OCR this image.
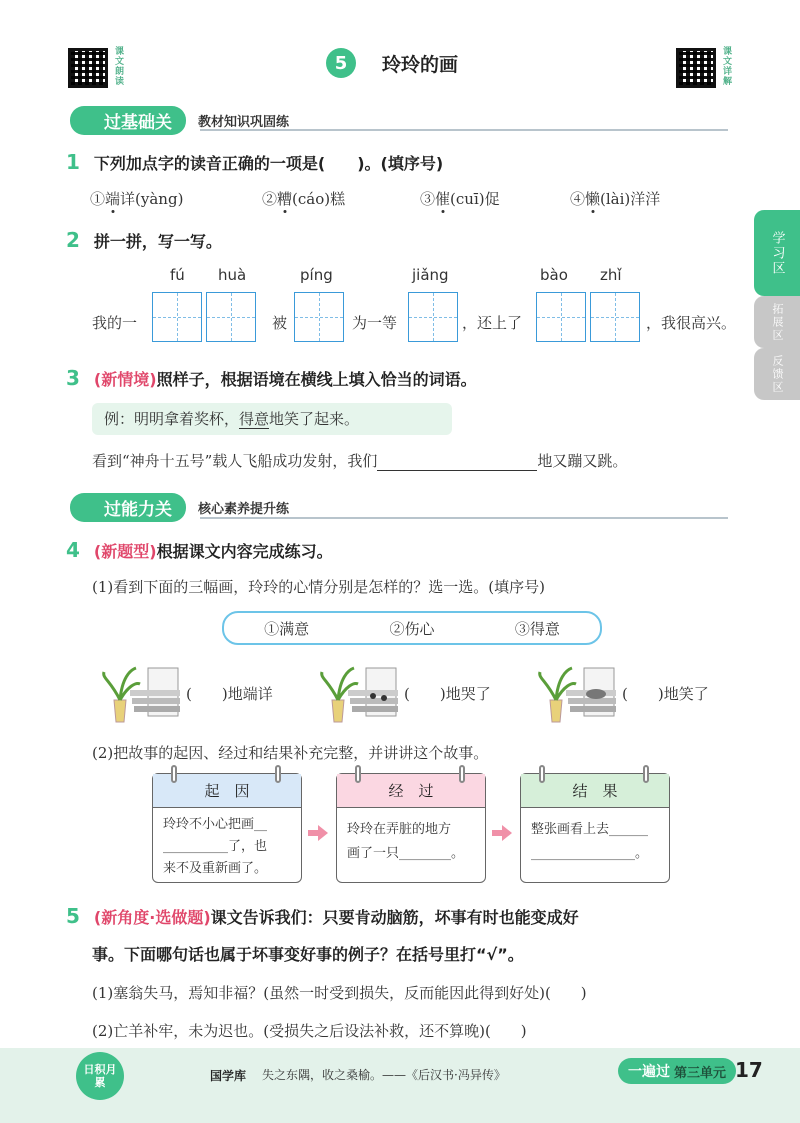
课文朗读	5	玲玲的画	课文详解
过基础关	教材知识巩固练
1 下列加点字的读音正确的一项是(　　)。(填序号)
①端详(yàng)	②糟(cáo)糕	③催(cuī)促	④懒(lài)洋洋
2 拼一拼，写一写。
fú huà	píng	jiǎng	bào zhǐ
我的一	被	为一等	，还上了	，我很高兴。
3 (新情境)照样子，根据语境在横线上填入恰当的词语。
例：明明拿着奖杯，得意地笑了起来。
看到“神舟十五号”载人飞船成功发射，我们	地又蹦又跳。
过能力关	核心素养提升练
4 (新题型)根据课文内容完成练习。
(1)看到下面的三幅画，玲玲的心情分别是怎样的？选一选。(填序号)
①满意	②伤心	③得意
(　　)地端详	(　　)地哭了	(　　)地笑了
(2)把故事的起因、经过和结果补充完整，并讲讲这个故事。
起　因
玲玲不小心把画__
__________了，也
来不及重新画了。
经　过
玲玲在弄脏的地方
画了一只________。
结　果
整张画看上去______
________________。
5 (新角度·选做题)课文告诉我们：只要肯动脑筋，坏事有时也能变成好
事。下面哪句话也属于坏事变好事的例子？在括号里打“√”。
(1)塞翁失马，焉知非福？(虽然一时受到损失，反而能因此得到好处)(　　)
(2)亡羊补牢，未为迟也。(受损失之后设法补救，还不算晚)(　　)
学习区
拓展区
反馈区
日积月累	国学库 失之东隅，收之桑榆。——《后汉书·冯异传》	一遍过 第三单元 17
